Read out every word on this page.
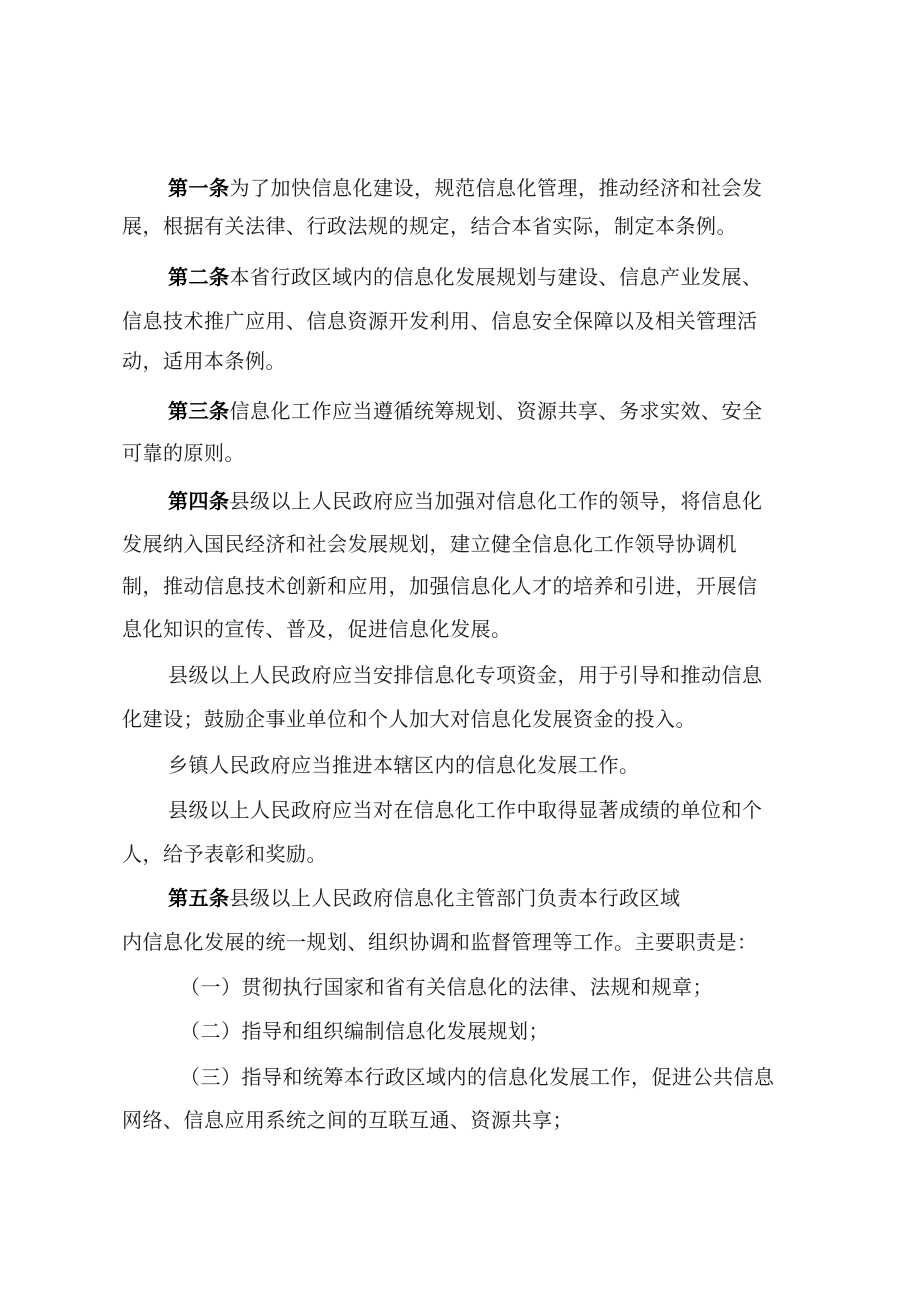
第一条为了加快信息化建设，规范信息化管理，推动经济和社会发
展，根据有关法律、行政法规的规定，结合本省实际，制定本条例。
第二条本省行政区域内的信息化发展规划与建设、信息产业发展、
信息技术推广应用、信息资源开发利用、信息安全保障以及相关管理活
动，适用本条例。
第三条信息化工作应当遵循统筹规划、资源共享、务求实效、安全
可靠的原则。
第四条县级以上人民政府应当加强对信息化工作的领导，将信息化
发展纳入国民经济和社会发展规划，建立健全信息化工作领导协调机
制，推动信息技术创新和应用，加强信息化人才的培养和引进，开展信
息化知识的宣传、普及，促进信息化发展。
县级以上人民政府应当安排信息化专项资金，用于引导和推动信息
化建设；鼓励企事业单位和个人加大对信息化发展资金的投入。
乡镇人民政府应当推进本辖区内的信息化发展工作。
县级以上人民政府应当对在信息化工作中取得显著成绩的单位和个
人，给予表彰和奖励。
第五条县级以上人民政府信息化主管部门负责本行政区域
内信息化发展的统一规划、组织协调和监督管理等工作。主要职责是：
（一）贯彻执行国家和省有关信息化的法律、法规和规章；
（二）指导和组织编制信息化发展规划；
（三）指导和统筹本行政区域内的信息化发展工作，促进公共信息
网络、信息应用系统之间的互联互通、资源共享；
